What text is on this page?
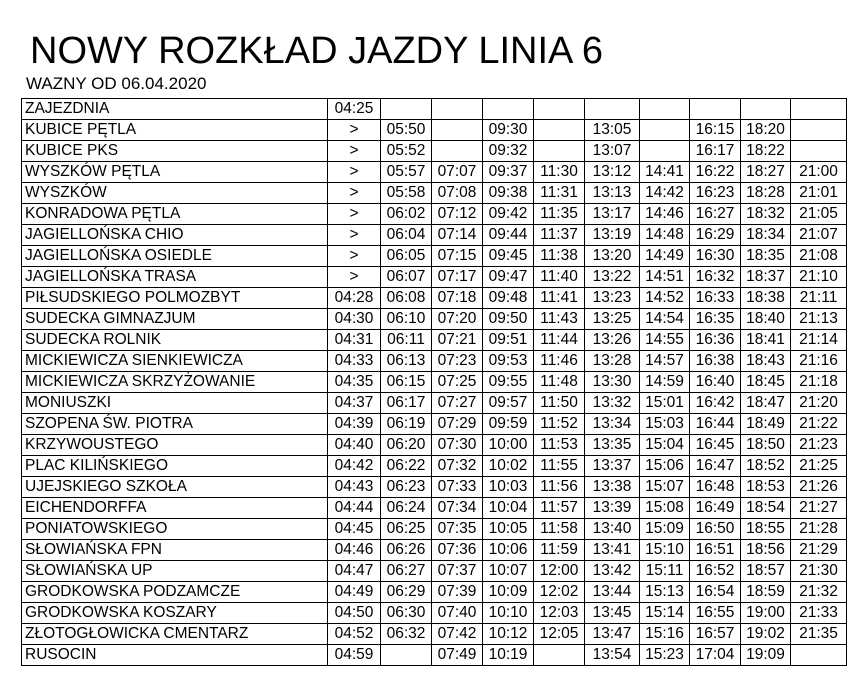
NOWY ROZKŁAD JAZDY LINIA 6
WAZNY OD 06.04.2020
ZAJEZDNIA	04:25									
KUBICE PĘTLA	>	05:50		09:30		13:05		16:15	18:20	
KUBICE PKS	>	05:52		09:32		13:07		16:17	18:22	
WYSZKÓW PĘTLA	>	05:57	07:07	09:37	11:30	13:12	14:41	16:22	18:27	21:00
WYSZKÓW	>	05:58	07:08	09:38	11:31	13:13	14:42	16:23	18:28	21:01
KONRADOWA PĘTLA	>	06:02	07:12	09:42	11:35	13:17	14:46	16:27	18:32	21:05
JAGIELLOŃSKA CHIO	>	06:04	07:14	09:44	11:37	13:19	14:48	16:29	18:34	21:07
JAGIELLOŃSKA OSIEDLE	>	06:05	07:15	09:45	11:38	13:20	14:49	16:30	18:35	21:08
JAGIELLOŃSKA TRASA	>	06:07	07:17	09:47	11:40	13:22	14:51	16:32	18:37	21:10
PIŁSUDSKIEGO POLMOZBYT	04:28	06:08	07:18	09:48	11:41	13:23	14:52	16:33	18:38	21:11
SUDECKA GIMNAZJUM	04:30	06:10	07:20	09:50	11:43	13:25	14:54	16:35	18:40	21:13
SUDECKA ROLNIK	04:31	06:11	07:21	09:51	11:44	13:26	14:55	16:36	18:41	21:14
MICKIEWICZA SIENKIEWICZA	04:33	06:13	07:23	09:53	11:46	13:28	14:57	16:38	18:43	21:16
MICKIEWICZA SKRZYŻOWANIE	04:35	06:15	07:25	09:55	11:48	13:30	14:59	16:40	18:45	21:18
MONIUSZKI	04:37	06:17	07:27	09:57	11:50	13:32	15:01	16:42	18:47	21:20
SZOPENA ŚW. PIOTRA	04:39	06:19	07:29	09:59	11:52	13:34	15:03	16:44	18:49	21:22
KRZYWOUSTEGO	04:40	06:20	07:30	10:00	11:53	13:35	15:04	16:45	18:50	21:23
PLAC KILIŃSKIEGO	04:42	06:22	07:32	10:02	11:55	13:37	15:06	16:47	18:52	21:25
UJEJSKIEGO SZKOŁA	04:43	06:23	07:33	10:03	11:56	13:38	15:07	16:48	18:53	21:26
EICHENDORFFA	04:44	06:24	07:34	10:04	11:57	13:39	15:08	16:49	18:54	21:27
PONIATOWSKIEGO	04:45	06:25	07:35	10:05	11:58	13:40	15:09	16:50	18:55	21:28
SŁOWIAŃSKA FPN	04:46	06:26	07:36	10:06	11:59	13:41	15:10	16:51	18:56	21:29
SŁOWIAŃSKA UP	04:47	06:27	07:37	10:07	12:00	13:42	15:11	16:52	18:57	21:30
GRODKOWSKA PODZAMCZE	04:49	06:29	07:39	10:09	12:02	13:44	15:13	16:54	18:59	21:32
GRODKOWSKA KOSZARY	04:50	06:30	07:40	10:10	12:03	13:45	15:14	16:55	19:00	21:33
ZŁOTOGŁOWICKA CMENTARZ	04:52	06:32	07:42	10:12	12:05	13:47	15:16	16:57	19:02	21:35
RUSOCIN	04:59		07:49	10:19		13:54	15:23	17:04	19:09	
